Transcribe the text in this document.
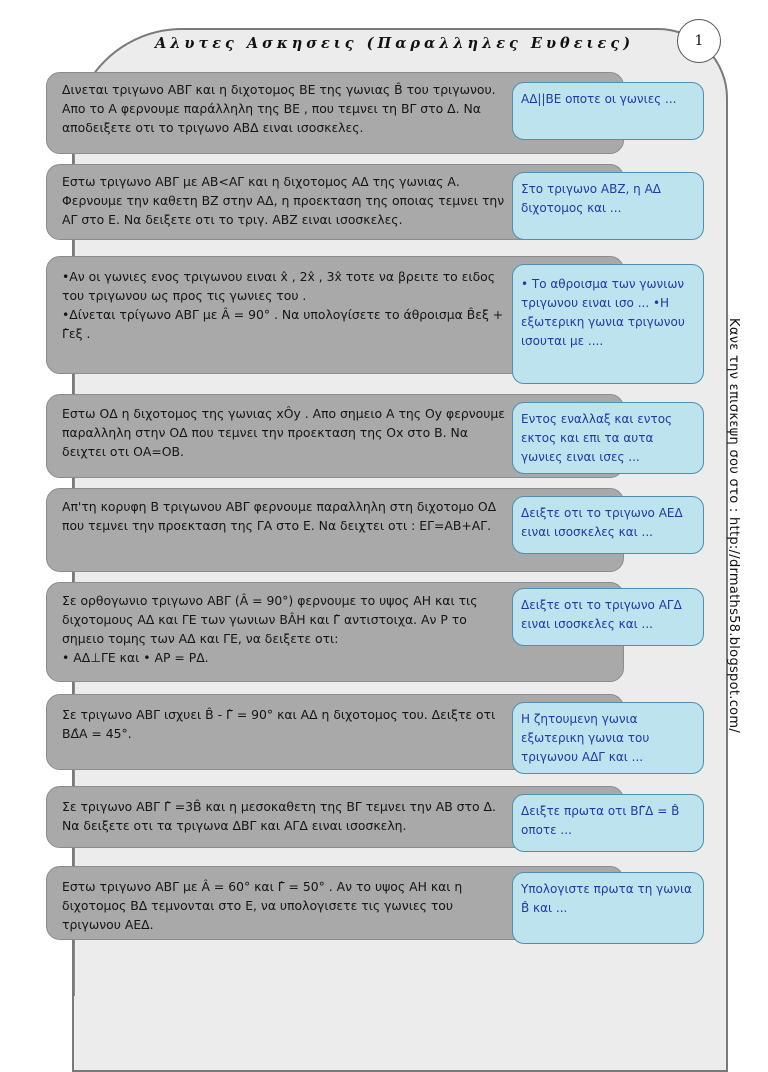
Αλυτες Ασκησεις (Παραλληλες Ευθειες)	1

Δινεται τριγωνο ΑΒΓ και η διχοτομος ΒΕ της γωνιας B̂ του τριγωνου. Απο το Α φερνουμε παράλληλη της ΒΕ , που τεμνει τη ΒΓ στο Δ. Να αποδειξετε οτι το τριγωνο ΑΒΔ ειναι ισοσκελες.

ΑΔ||ΒΕ οποτε οι γωνιες ...

Εστω τριγωνο ΑΒΓ με ΑΒ<ΑΓ και η διχοτομος ΑΔ της γωνιας Α. Φερνουμε την καθετη ΒΖ στην ΑΔ, η προεκταση της οποιας τεμνει την ΑΓ στο Ε. Να δειξετε οτι το τριγ. ΑΒΖ ειναι ισοσκελες.

Στο τριγωνο ΑΒΖ, η ΑΔ διχοτομος και ...

•Αν οι γωνιες ενος τριγωνου ειναι x̂ , 2x̂ , 3x̂ τοτε να βρειτε το ειδος του τριγωνου ως προς τις γωνιες του .

•Δίνεται τρίγωνο ΑΒΓ με Â = 90° . Να υπολογίσετε το άθροισμα B̂εξ + Γ̂εξ .

• Το αθροισμα των γωνιων τριγωνου ειναι ισο ... •Η εξωτερικη γωνια τριγωνου ισουται με ....

Εστω ΟΔ η διχοτομος της γωνιας xÔy . Απο σημειο Α της Οy φερνουμε παραλληλη στην ΟΔ που τεμνει την προεκταση της Οx στο Β. Να δειχτει οτι ΟΑ=ΟΒ.

Εντος εναλλαξ και εντος εκτος και επι τα αυτα γωνιες ειναι ισες ...

Απ'τη κορυφη Β τριγωνου ΑΒΓ φερνουμε παραλληλη στη διχοτομο ΟΔ που τεμνει την προεκταση της ΓΑ στο Ε. Να δειχτει οτι : ΕΓ=ΑΒ+ΑΓ.

Δειξτε οτι το τριγωνο ΑΕΔ ειναι ισοσκελες και ...

Σε ορθογωνιο τριγωνο ΑΒΓ (Â = 90°) φερνουμε το υψος ΑΗ και τις διχοτομους ΑΔ και ΓΕ των γωνιων ΒÂΗ και Γ̂ αντιστοιχα. Αν Ρ το σημειο τομης των ΑΔ και ΓΕ, να δειξετε οτι:

• ΑΔ⊥ΓΕ και • ΑΡ = ΡΔ.

Δειξτε οτι το τριγωνο ΑΓΔ ειναι ισοσκελες και ...

Σε τριγωνο ΑΒΓ ισχυει B̂ - Γ̂ = 90° και ΑΔ η διχοτομος του. Δειξτε οτι ΒΔ̂Α = 45°.

Η ζητουμενη γωνια εξωτερικη γωνια του τριγωνου ΑΔΓ και ...

Σε τριγωνο ΑΒΓ Γ̂ =3B̂ και η μεσοκαθετη της ΒΓ τεμνει την ΑΒ στο Δ. Να δειξετε οτι τα τριγωνα ΔΒΓ και ΑΓΔ ειναι ισοσκελη.

Δειξτε πρωτα οτι ΒΓ̂Δ = B̂ οποτε ...

Εστω τριγωνο ΑΒΓ με Â = 60° και Γ̂ = 50° . Αν το υψος ΑΗ και η διχοτομος ΒΔ τεμνονται στο Ε, να υπολογισετε τις γωνιες του τριγωνου ΑΕΔ.

Υπολογιστε πρωτα τη γωνια B̂ και ...
Κανε την επισκεψη σου στο : http://drmaths58.blogspot.com/
